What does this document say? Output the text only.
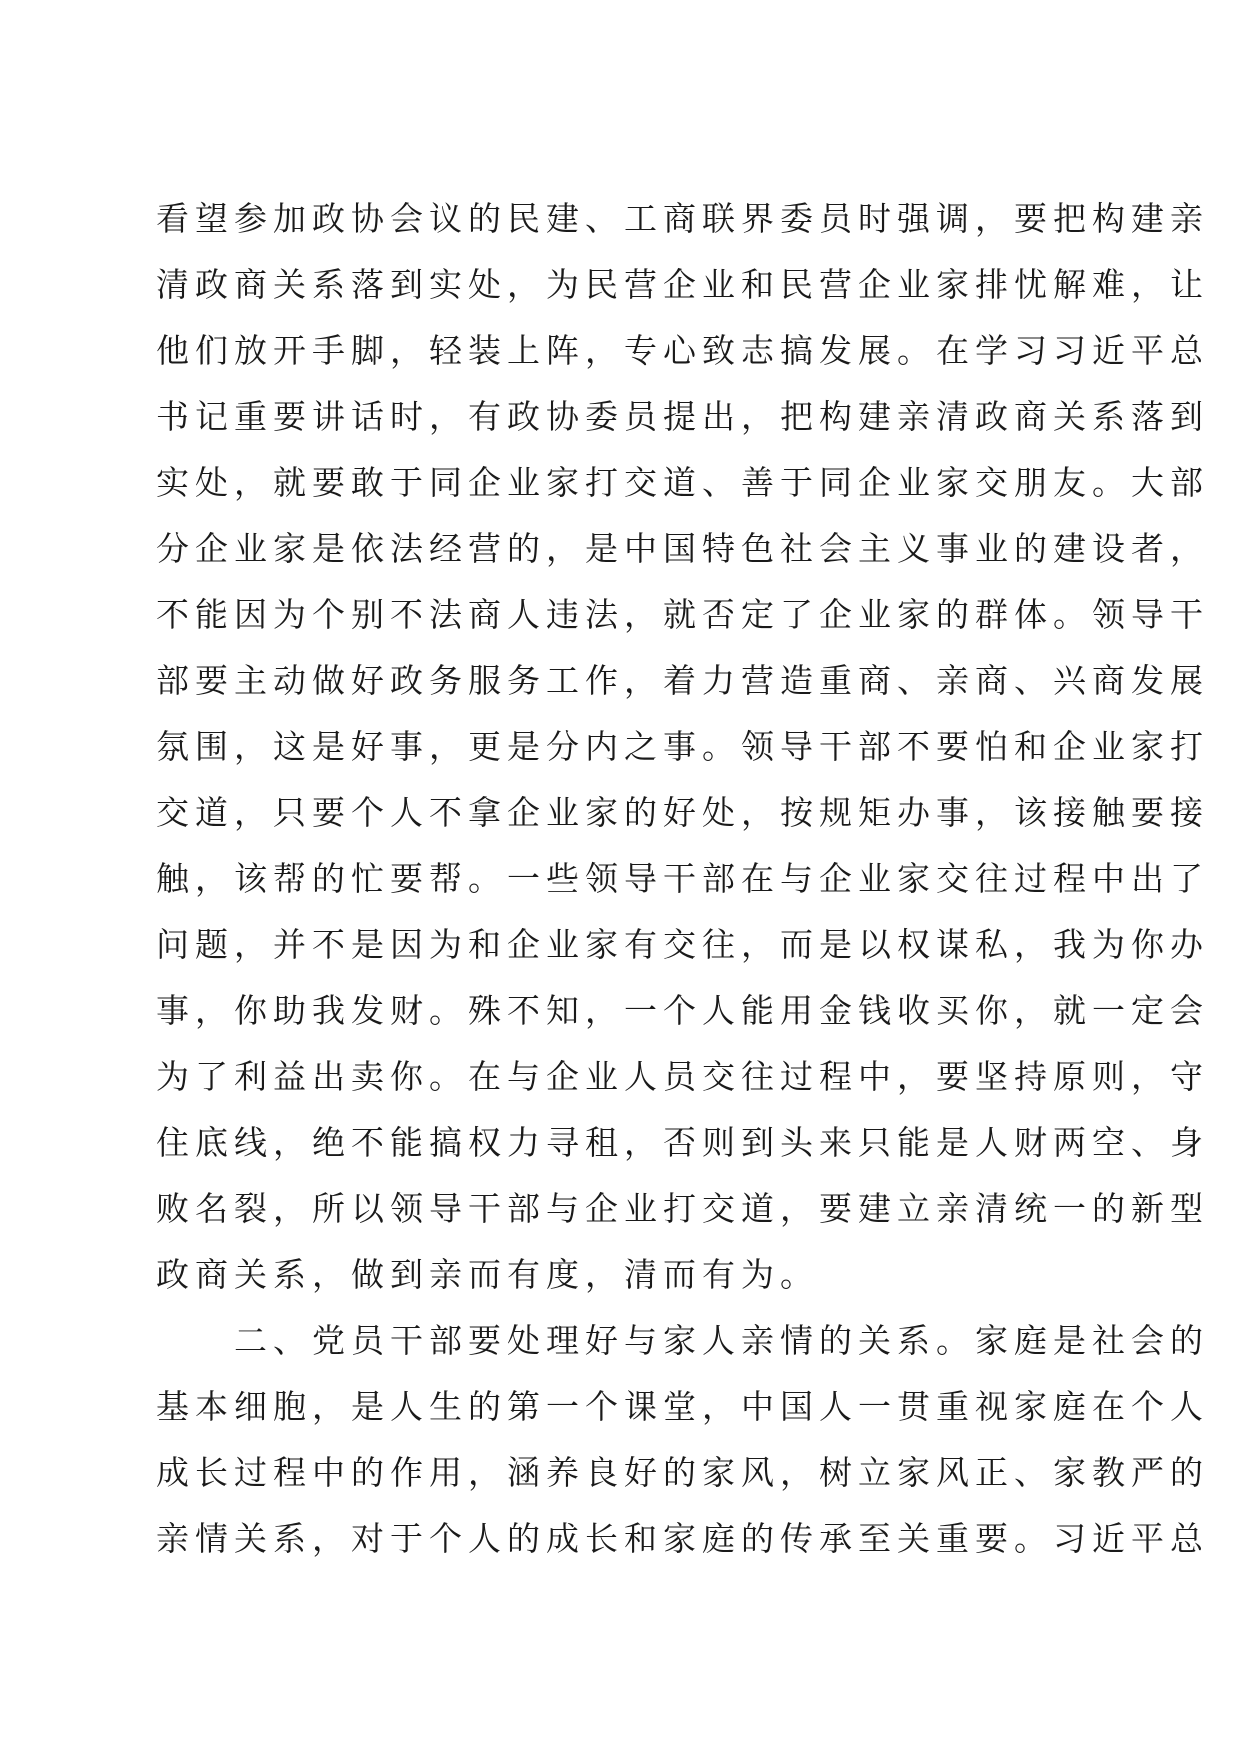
看望参加政协会议的民建、工商联界委员时强调，要把构建亲
清政商关系落到实处，为民营企业和民营企业家排忧解难，让
他们放开手脚，轻装上阵，专心致志搞发展。在学习习近平总
书记重要讲话时，有政协委员提出，把构建亲清政商关系落到
实处，就要敢于同企业家打交道、善于同企业家交朋友。大部
分企业家是依法经营的，是中国特色社会主义事业的建设者，
不能因为个别不法商人违法，就否定了企业家的群体。领导干
部要主动做好政务服务工作，着力营造重商、亲商、兴商发展
氛围，这是好事，更是分内之事。领导干部不要怕和企业家打
交道，只要个人不拿企业家的好处，按规矩办事，该接触要接
触，该帮的忙要帮。一些领导干部在与企业家交往过程中出了
问题，并不是因为和企业家有交往，而是以权谋私，我为你办
事，你助我发财。殊不知，一个人能用金钱收买你，就一定会
为了利益出卖你。在与企业人员交往过程中，要坚持原则，守
住底线，绝不能搞权力寻租，否则到头来只能是人财两空、身
败名裂，所以领导干部与企业打交道，要建立亲清统一的新型
政商关系，做到亲而有度，清而有为。
二、党员干部要处理好与家人亲情的关系。家庭是社会的
基本细胞，是人生的第一个课堂，中国人一贯重视家庭在个人
成长过程中的作用，涵养良好的家风，树立家风正、家教严的
亲情关系，对于个人的成长和家庭的传承至关重要。习近平总
